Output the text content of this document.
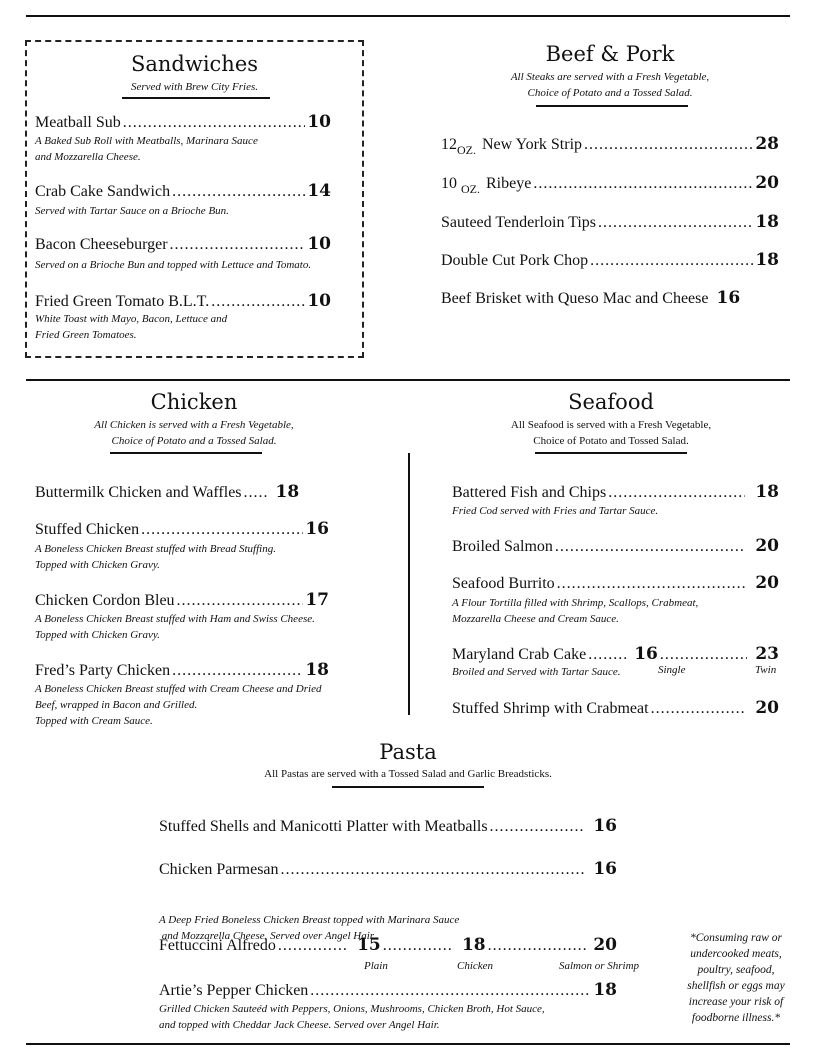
Sandwiches
Served with Brew City Fries.
Meatball Sub .....	10
A Baked Sub Roll with Meatballs, Marinara Sauce
and Mozzarella Cheese.
Crab Cake Sandwich .....	14
Served with Tartar Sauce on a Brioche Bun.
Bacon Cheeseburger .....	10
Served on a Brioche Bun and topped with Lettuce and Tomato.
Fried Green Tomato B.L.T. .....	10
White Toast with Mayo, Bacon, Lettuce and
Fried Green Tomatoes.
Beef & Pork
All Steaks are served with a Fresh Vegetable,
Choice of Potato and a Tossed Salad.
$12_{OZ.}$ New York Strip .....	28
10 $_{OZ.}$ Ribeye .....	20
Sauteed Tenderloin Tips .....	18
Double Cut Pork Chop .....	18
Beef Brisket with Queso Mac and Cheese 16
Chicken
All Chicken is served with a Fresh Vegetable,
Choice of Potato and a Tossed Salad.
Buttermilk Chicken and Waffles ..... 18
Stuffed Chicken .....	16
A Boneless Chicken Breast stuffed with Bread Stuffing.
Topped with Chicken Gravy.
Chicken Cordon Bleu .....	17
A Boneless Chicken Breast stuffed with Ham and Swiss Cheese.
Topped with Chicken Gravy.
Fred’s Party Chicken .....	18
A Boneless Chicken Breast stuffed with Cream Cheese and Dried
Beef, wrapped in Bacon and Grilled.
Topped with Cream Sauce.
Seafood
All Seafood is served with a Fresh Vegetable,
Choice of Potato and Tossed Salad.
Battered Fish and Chips .....	18
Fried Cod served with Fries and Tartar Sauce.
Broiled Salmon .....	20
Seafood Burrito .....	20
A Flour Tortilla filled with Shrimp, Scallops, Crabmeat,
Mozzarella Cheese and Cream Sauce.
Maryland Crab Cake .....	16 .....	23
Broiled and Served with Tartar Sauce.	Single	Twin
Stuffed Shrimp with Crabmeat .....	20
Pasta
All Pastas are served with a Tossed Salad and Garlic Breadsticks.
Stuffed Shells and Manicotti Platter with Meatballs .....	16
Chicken Parmesan .....	16

A Deep Fried Boneless Chicken Breast topped with Marinara Sauce
and Mozzarella Cheese. Served over Angel Hair.

Fettuccini Alfredo .....	15 .....	18 .....	20
Plain	Chicken	Salmon or Shrimp
Artie’s Pepper Chicken .....	18
Grilled Chicken Sauteéd with Peppers, Onions, Mushrooms, Chicken Broth, Hot Sauce,
and topped with Cheddar Jack Cheese. Served over Angel Hair.
*Consuming raw or
undercooked meats,
poultry, seafood,
shellfish or eggs may
increase your risk of
foodborne illness.*
